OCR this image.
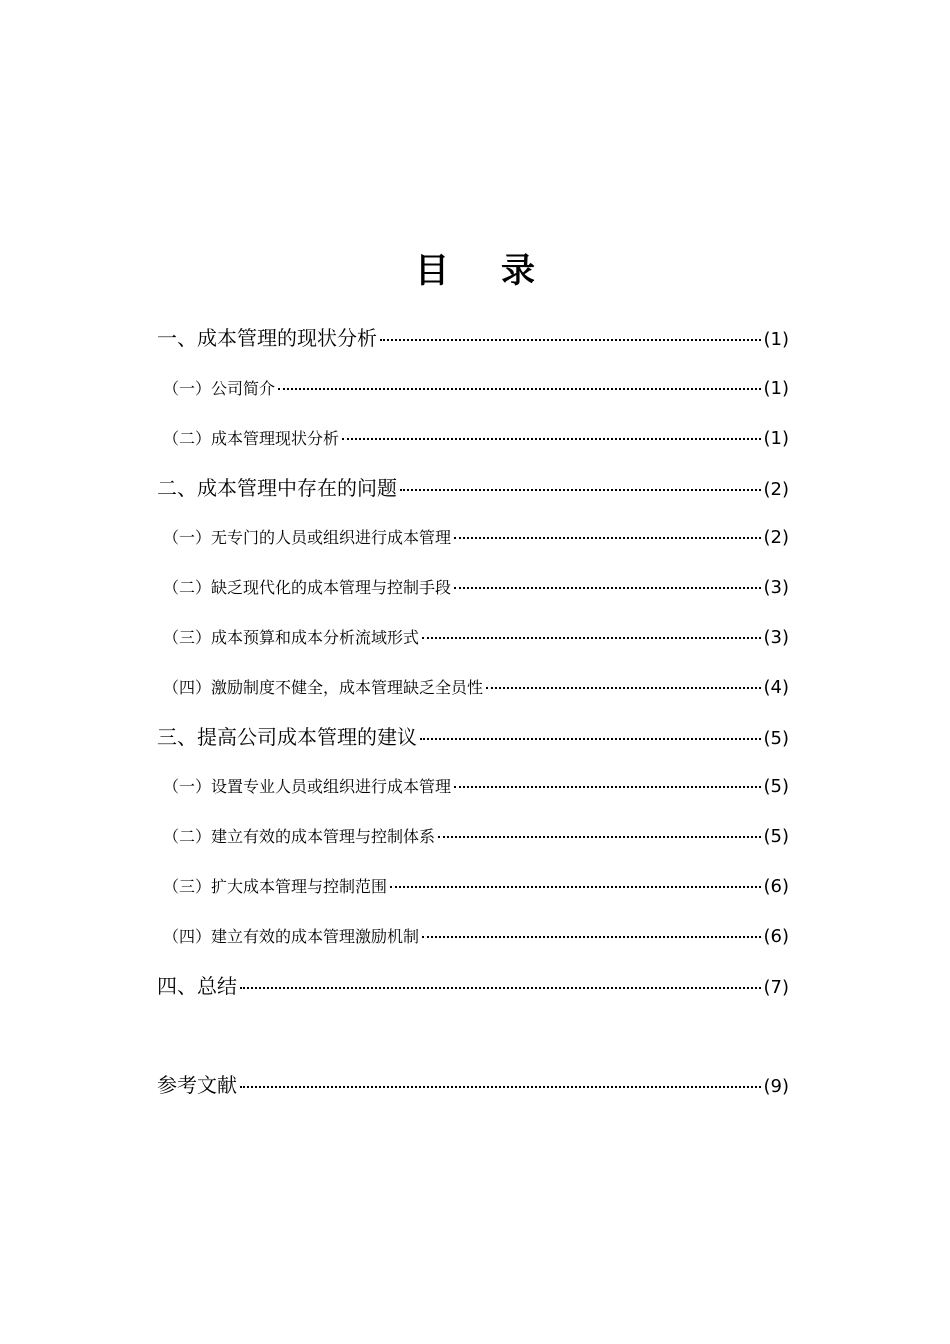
目 录
一、成本管理的现状分析	(1)
（一）公司简介	(1)
（二）成本管理现状分析	(1)
二、成本管理中存在的问题	(2)
（一）无专门的人员或组织进行成本管理	(2)
（二）缺乏现代化的成本管理与控制手段	(3)
（三）成本预算和成本分析流域形式	(3)
（四）激励制度不健全，成本管理缺乏全员性	(4)
三、提高公司成本管理的建议	(5)
（一）设置专业人员或组织进行成本管理	(5)
（二）建立有效的成本管理与控制体系	(5)
（三）扩大成本管理与控制范围	(6)
（四）建立有效的成本管理激励机制	(6)
四、总结	(7)
参考文献	(9)
